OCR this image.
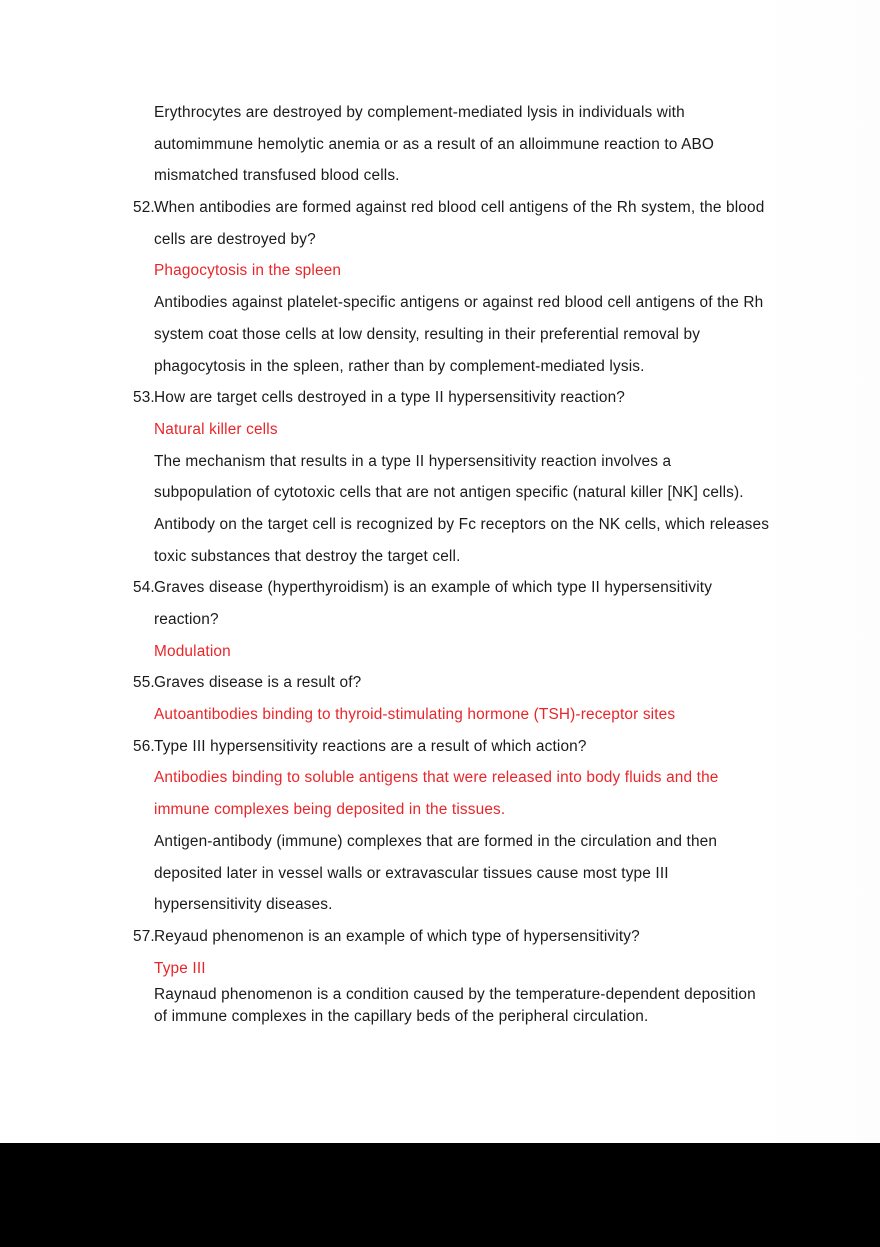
Erythrocytes are destroyed by complement-mediated lysis in individuals with
automimmune hemolytic anemia or as a result of an alloimmune reaction to ABO
mismatched transfused blood cells.
52. When antibodies are formed against red blood cell antigens of the Rh system, the blood
cells are destroyed by?
Phagocytosis in the spleen
Antibodies against platelet-specific antigens or against red blood cell antigens of the Rh
system coat those cells at low density, resulting in their preferential removal by
phagocytosis in the spleen, rather than by complement-mediated lysis.
53. How are target cells destroyed in a type II hypersensitivity reaction?
Natural killer cells
The mechanism that results in a type II hypersensitivity reaction involves a
subpopulation of cytotoxic cells that are not antigen specific (natural killer [NK] cells).
Antibody on the target cell is recognized by Fc receptors on the NK cells, which releases
toxic substances that destroy the target cell.
54. Graves disease (hyperthyroidism) is an example of which type II hypersensitivity
reaction?
Modulation
55. Graves disease is a result of?
Autoantibodies binding to thyroid-stimulating hormone (TSH)-receptor sites
56. Type III hypersensitivity reactions are a result of which action?
Antibodies binding to soluble antigens that were released into body fluids and the
immune complexes being deposited in the tissues.
Antigen-antibody (immune) complexes that are formed in the circulation and then
deposited later in vessel walls or extravascular tissues cause most type III
hypersensitivity diseases.
57. Reyaud phenomenon is an example of which type of hypersensitivity?
Type III
Raynaud phenomenon is a condition caused by the temperature-dependent deposition
of immune complexes in the capillary beds of the peripheral circulation.
